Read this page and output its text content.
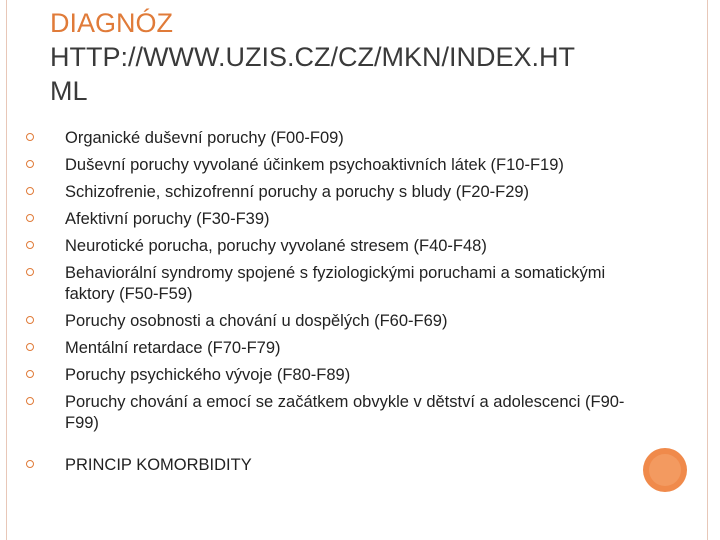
DIAGNÓZ
HTTP://WWW.UZIS.CZ/CZ/MKN/INDEX.HT
ML
Organické duševní poruchy (F00-F09)
Duševní poruchy vyvolané účinkem psychoaktivních látek (F10-F19)
Schizofrenie, schizofrenní poruchy a poruchy s bludy (F20-F29)
Afektivní poruchy (F30-F39)
Neurotické porucha, poruchy vyvolané stresem (F40-F48)
Behaviorální syndromy spojené s fyziologickými poruchami a somatickými faktory (F50-F59)
Poruchy osobnosti a chování u dospělých (F60-F69)
Mentální retardace (F70-F79)
Poruchy psychického vývoje (F80-F89)
Poruchy chování a emocí se začátkem obvykle v dětství a adolescenci (F90-F99)
PRINCIP KOMORBIDITY
